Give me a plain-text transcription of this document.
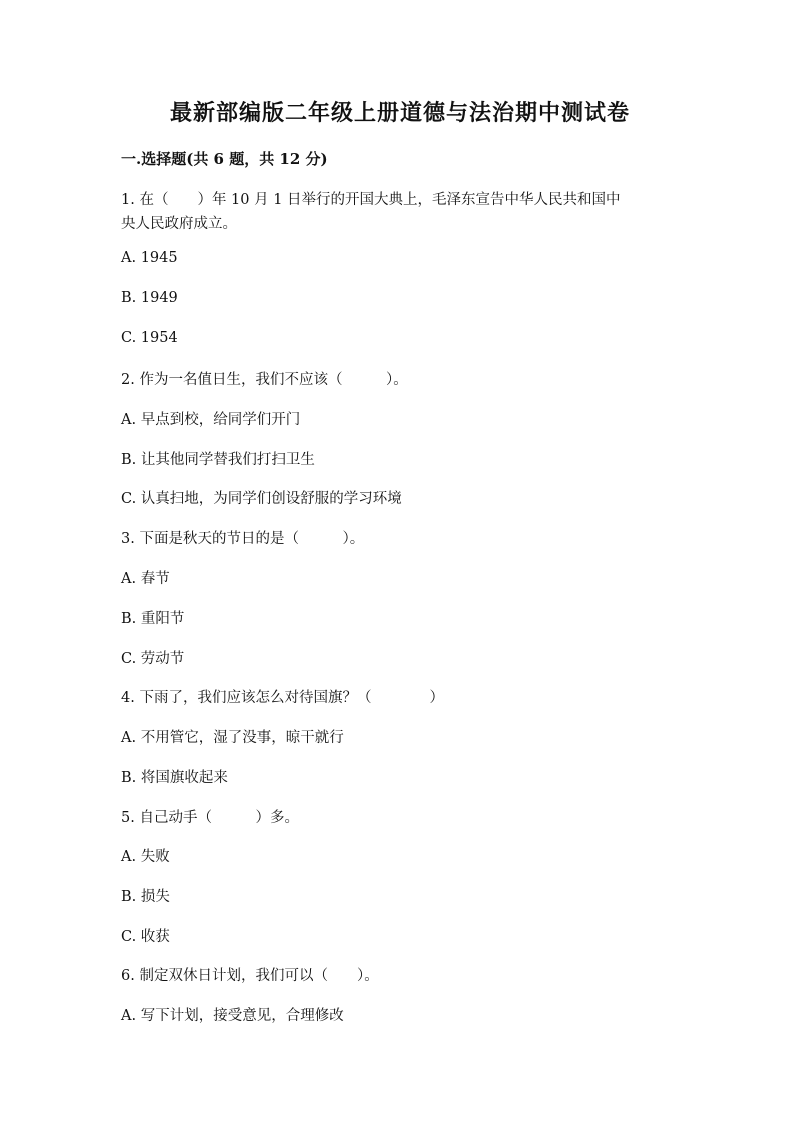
最新部编版二年级上册道德与法治期中测试卷
一.选择题(共 6 题，共 12 分)
1. 在（　　）年 10 月 1 日举行的开国大典上，毛泽东宣告中华人民共和国中
央人民政府成立。
A. 1945
B. 1949
C. 1954
2. 作为一名值日生，我们不应该（　　　）。
A. 早点到校，给同学们开门
B. 让其他同学替我们打扫卫生
C. 认真扫地，为同学们创设舒服的学习环境
3. 下面是秋天的节日的是（　　　）。
A. 春节
B. 重阳节
C. 劳动节
4. 下雨了，我们应该怎么对待国旗？（　　　　）
A. 不用管它，湿了没事，晾干就行
B. 将国旗收起来
5. 自己动手（　　　）多。
A. 失败
B. 损失
C. 收获
6. 制定双休日计划，我们可以（　　）。
A. 写下计划，接受意见，合理修改
